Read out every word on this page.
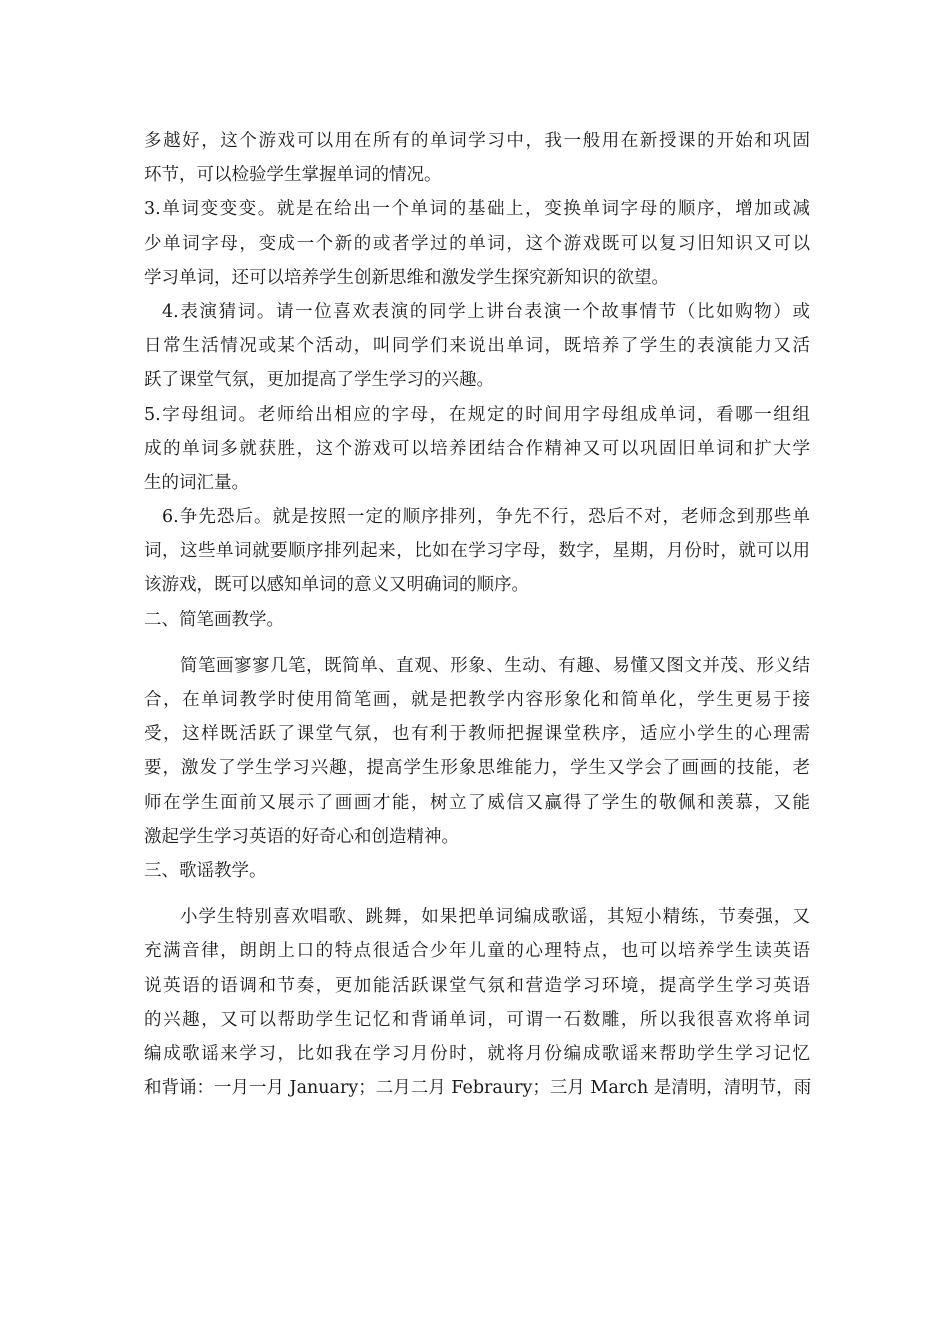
多越好，这个游戏可以用在所有的单词学习中，我一般用在新授课的开始和巩固
环节，可以检验学生掌握单词的情况。
3.单词变变变。就是在给出一个单词的基础上，变换单词字母的顺序，增加或减
少单词字母，变成一个新的或者学过的单词，这个游戏既可以复习旧知识又可以
学习单词，还可以培养学生创新思维和激发学生探究新知识的欲望。
4.表演猜词。请一位喜欢表演的同学上讲台表演一个故事情节（比如购物）或
日常生活情况或某个活动，叫同学们来说出单词，既培养了学生的表演能力又活
跃了课堂气氛，更加提高了学生学习的兴趣。
5.字母组词。老师给出相应的字母，在规定的时间用字母组成单词，看哪一组组
成的单词多就获胜，这个游戏可以培养团结合作精神又可以巩固旧单词和扩大学
生的词汇量。
6.争先恐后。就是按照一定的顺序排列，争先不行，恐后不对，老师念到那些单
词，这些单词就要顺序排列起来，比如在学习字母，数字，星期，月份时，就可以用
该游戏，既可以感知单词的意义又明确词的顺序。
二、简笔画教学。
简笔画寥寥几笔，既简单、直观、形象、生动、有趣、易懂又图文并茂、形义结
合，在单词教学时使用简笔画，就是把教学内容形象化和简单化，学生更易于接
受，这样既活跃了课堂气氛，也有利于教师把握课堂秩序，适应小学生的心理需
要，激发了学生学习兴趣，提高学生形象思维能力，学生又学会了画画的技能，老
师在学生面前又展示了画画才能，树立了威信又赢得了学生的敬佩和羡慕，又能
激起学生学习英语的好奇心和创造精神。
三、歌谣教学。
小学生特别喜欢唱歌、跳舞，如果把单词编成歌谣，其短小精练，节奏强，又
充满音律，朗朗上口的特点很适合少年儿童的心理特点，也可以培养学生读英语
说英语的语调和节奏，更加能活跃课堂气氛和营造学习环境，提高学生学习英语
的兴趣，又可以帮助学生记忆和背诵单词，可谓一石数雕，所以我很喜欢将单词
编成歌谣来学习，比如我在学习月份时，就将月份编成歌谣来帮助学生学习记忆
和背诵：一月一月 January；二月二月 Febraury；三月 March 是清明，清明节，雨
